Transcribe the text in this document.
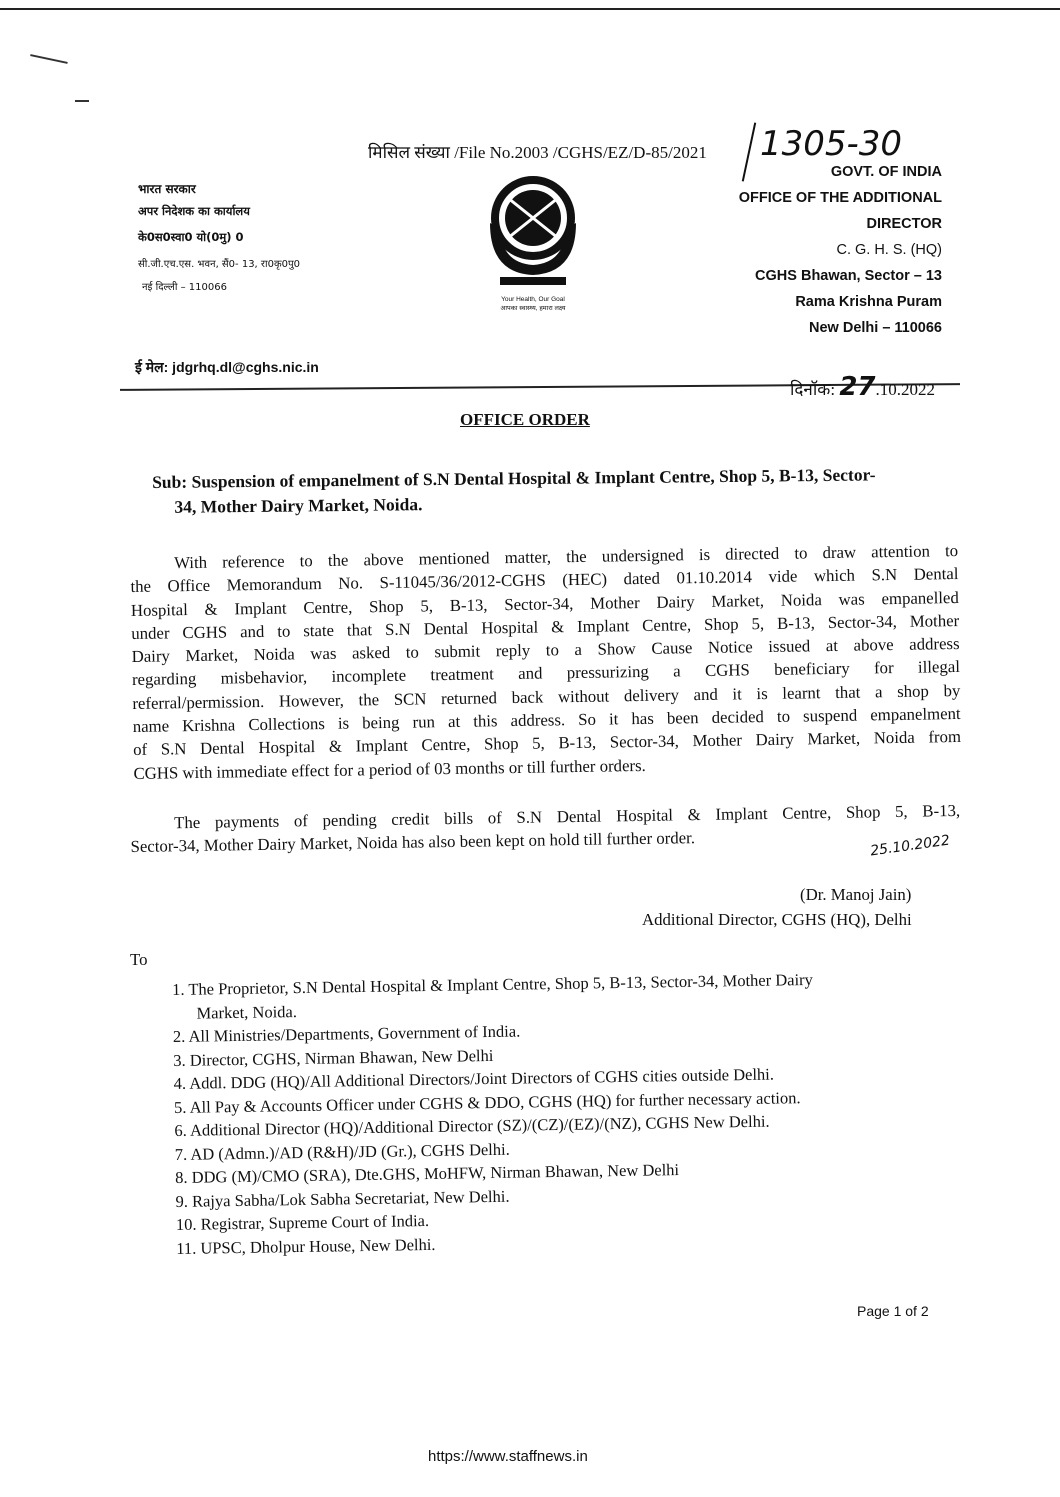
मिसिल संख्या /File No.2003 /CGHS/EZ/D-85/2021 1305-30
भारत सरकार
अपर निदेशक का कार्यालय
के0स0स्वा0 यो(0मु) 0
सी.जी.एच.एस. भवन, सैं0- 13, रा0कृ0पु0
नई दिल्ली – 110066
Your Health, Our Goal
आपका स्वास्थ्य, हमारा लक्ष्य
GOVT. OF INDIA
OFFICE OF THE ADDITIONAL
DIRECTOR
C. G. H. S. (HQ)
CGHS Bhawan, Sector – 13
Rama Krishna Puram
New Delhi – 110066
ई मेल: jdgrhq.dl@cghs.nic.in
दिनॉक: 27.10.2022
OFFICE ORDER
Sub: Suspension of empanelment of S.N Dental Hospital & Implant Centre, Shop 5, B-13, Sector-
34, Mother Dairy Market, Noida.
With reference to the above mentioned matter, the undersigned is directed to draw attention to
the Office Memorandum No. S-11045/36/2012-CGHS (HEC) dated 01.10.2014 vide which S.N Dental
Hospital & Implant Centre, Shop 5, B-13, Sector-34, Mother Dairy Market, Noida was empanelled
under CGHS and to state that S.N Dental Hospital & Implant Centre, Shop 5, B-13, Sector-34, Mother
Dairy Market, Noida was asked to submit reply to a Show Cause Notice issued at above address
regarding misbehavior, incomplete treatment and pressurizing a CGHS beneficiary for illegal
referral/permission. However, the SCN returned back without delivery and it is learnt that a shop by
name Krishna Collections is being run at this address. So it has been decided to suspend empanelment
of S.N Dental Hospital & Implant Centre, Shop 5, B-13, Sector-34, Mother Dairy Market, Noida from
CGHS with immediate effect for a period of 03 months or till further orders.
The payments of pending credit bills of S.N Dental Hospital & Implant Centre, Shop 5, B-13,
Sector-34, Mother Dairy Market, Noida has also been kept on hold till further order.	25.10.2022
(Dr. Manoj Jain)
Additional Director, CGHS (HQ), Delhi
To
1. The Proprietor, S.N Dental Hospital & Implant Centre, Shop 5, B-13, Sector-34, Mother Dairy
Market, Noida.
2. All Ministries/Departments, Government of India.
3. Director, CGHS, Nirman Bhawan, New Delhi
4. Addl. DDG (HQ)/All Additional Directors/Joint Directors of CGHS cities outside Delhi.
5. All Pay & Accounts Officer under CGHS & DDO, CGHS (HQ) for further necessary action.
6. Additional Director (HQ)/Additional Director (SZ)/(CZ)/(EZ)/(NZ), CGHS New Delhi.
7. AD (Admn.)/AD (R&H)/JD (Gr.), CGHS Delhi.
8. DDG (M)/CMO (SRA), Dte.GHS, MoHFW, Nirman Bhawan, New Delhi
9. Rajya Sabha/Lok Sabha Secretariat, New Delhi.
10. Registrar, Supreme Court of India.
11. UPSC, Dholpur House, New Delhi.
Page 1 of 2
https://www.staffnews.in
